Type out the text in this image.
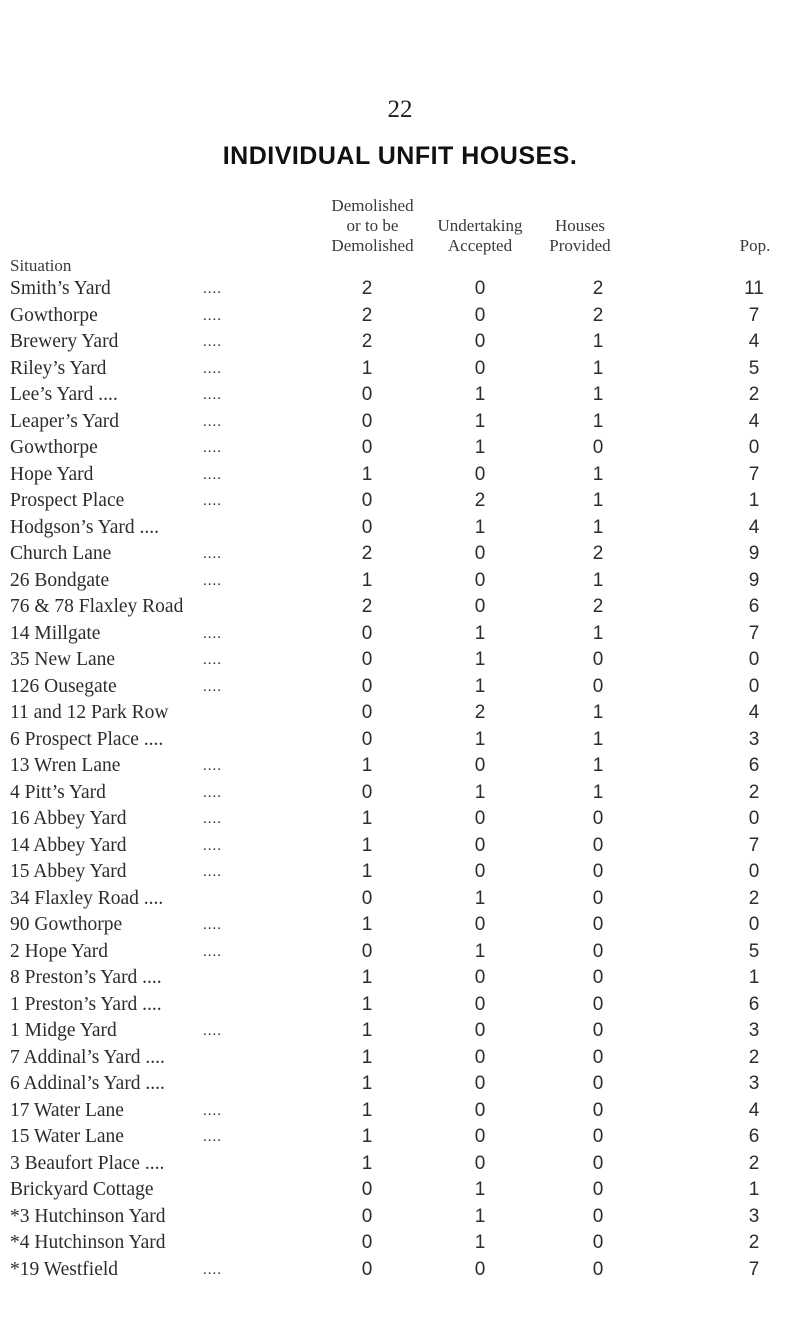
22
INDIVIDUAL UNFIT HOUSES.
Situation
Demolished
or to be
Demolished
Undertaking
Accepted
Houses
Provided	Pop.
Smith’s Yard	....	2	0	2	11
Gowthorpe	....	2	0	2	7
Brewery Yard	....	2	0	1	4
Riley’s Yard	....	1	0	1	5
Lee’s Yard ....	....	0	1	1	2
Leaper’s Yard	....	0	1	1	4
Gowthorpe	....	0	1	0	0
Hope Yard	....	1	0	1	7
Prospect Place	....	0	2	1	1
Hodgson’s Yard ....	0	1	1	4
Church Lane	....	2	0	2	9
26 Bondgate	....	1	0	1	9
76 & 78 Flaxley Road	2	0	2	6
14 Millgate	....	0	1	1	7
35 New Lane	....	0	1	0	0
126 Ousegate	....	0	1	0	0
11 and 12 Park Row	0	2	1	4
6 Prospect Place ....	0	1	1	3
13 Wren Lane	....	1	0	1	6
4 Pitt’s Yard	....	0	1	1	2
16 Abbey Yard	....	1	0	0	0
14 Abbey Yard	....	1	0	0	7
15 Abbey Yard	....	1	0	0	0
34 Flaxley Road ....	0	1	0	2
90 Gowthorpe	....	1	0	0	0
2 Hope Yard	....	0	1	0	5
8 Preston’s Yard ....	1	0	0	1
1 Preston’s Yard ....	1	0	0	6
1 Midge Yard	....	1	0	0	3
7 Addinal’s Yard ....	1	0	0	2
6 Addinal’s Yard ....	1	0	0	3
17 Water Lane	....	1	0	0	4
15 Water Lane	....	1	0	0	6
3 Beaufort Place ....	1	0	0	2
Brickyard Cottage	0	1	0	1
*3 Hutchinson Yard	0	1	0	3
*4 Hutchinson Yard	0	1	0	2
*19 Westfield	....	0	0	0	7
